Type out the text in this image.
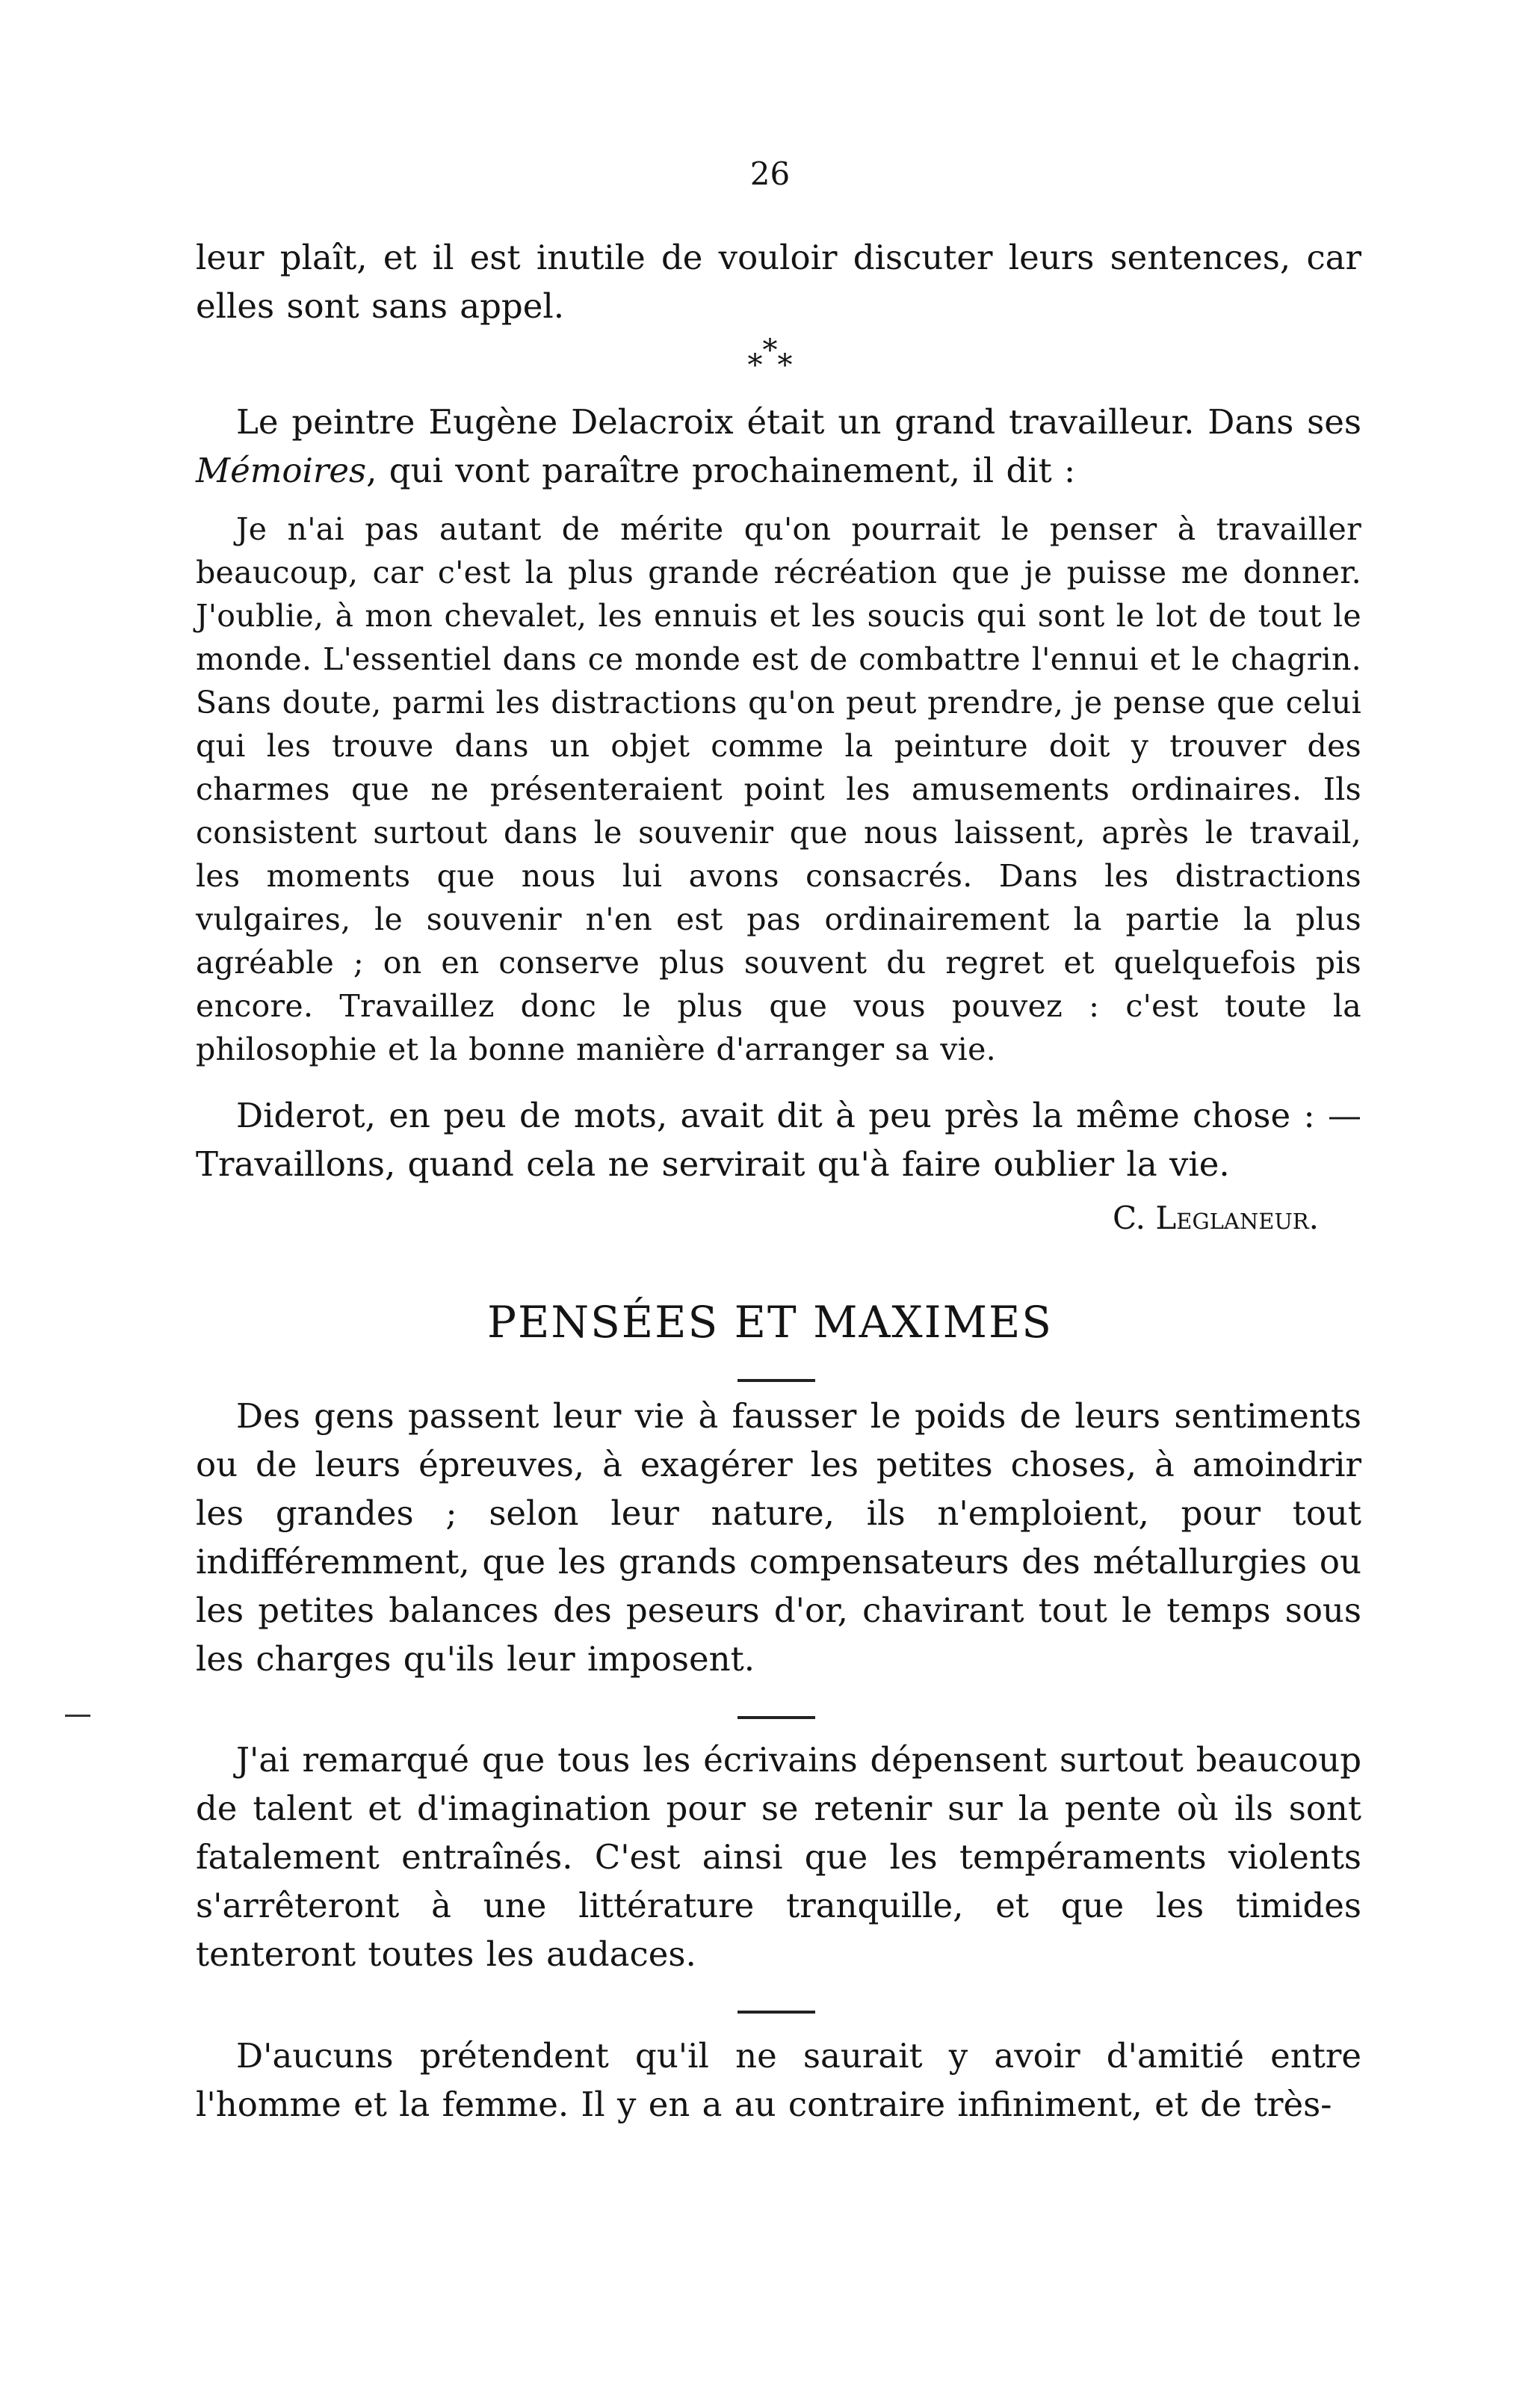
26
leur plaît, et il est inutile de vouloir discuter leurs sentences, car elles sont sans appel.
***
Le peintre Eugène Delacroix était un grand travailleur. Dans ses Mémoires, qui vont paraître prochainement, il dit :
Je n'ai pas autant de mérite qu'on pourrait le penser à travailler beaucoup, car c'est la plus grande récréation que je puisse me donner. J'oublie, à mon chevalet, les ennuis et les soucis qui sont le lot de tout le monde. L'essentiel dans ce monde est de combattre l'ennui et le chagrin. Sans doute, parmi les distractions qu'on peut prendre, je pense que celui qui les trouve dans un objet comme la peinture doit y trouver des charmes que ne présenteraient point les amusements ordinaires. Ils consistent surtout dans le souvenir que nous laissent, après le travail, les moments que nous lui avons consacrés. Dans les distractions vulgaires, le souvenir n'en est pas ordinairement la partie la plus agréable ; on en conserve plus souvent du regret et quelquefois pis encore. Travaillez donc le plus que vous pouvez : c'est toute la philosophie et la bonne manière d'arranger sa vie.
Diderot, en peu de mots, avait dit à peu près la même chose : — Travaillons, quand cela ne servirait qu'à faire oublier la vie.
C. Leglaneur.
PENSÉES ET MAXIMES
Des gens passent leur vie à fausser le poids de leurs sentiments ou de leurs épreuves, à exagérer les petites choses, à amoindrir les grandes ; selon leur nature, ils n'emploient, pour tout indifféremment, que les grands compensateurs des métallurgies ou les petites balances des peseurs d'or, chavirant tout le temps sous les charges qu'ils leur imposent.
J'ai remarqué que tous les écrivains dépensent surtout beaucoup de talent et d'imagination pour se retenir sur la pente où ils sont fatalement entraînés. C'est ainsi que les tempéraments violents s'arrêteront à une littérature tranquille, et que les timides tenteront toutes les audaces.
D'aucuns prétendent qu'il ne saurait y avoir d'amitié entre l'homme et la femme. Il y en a au contraire infiniment, et de très-
